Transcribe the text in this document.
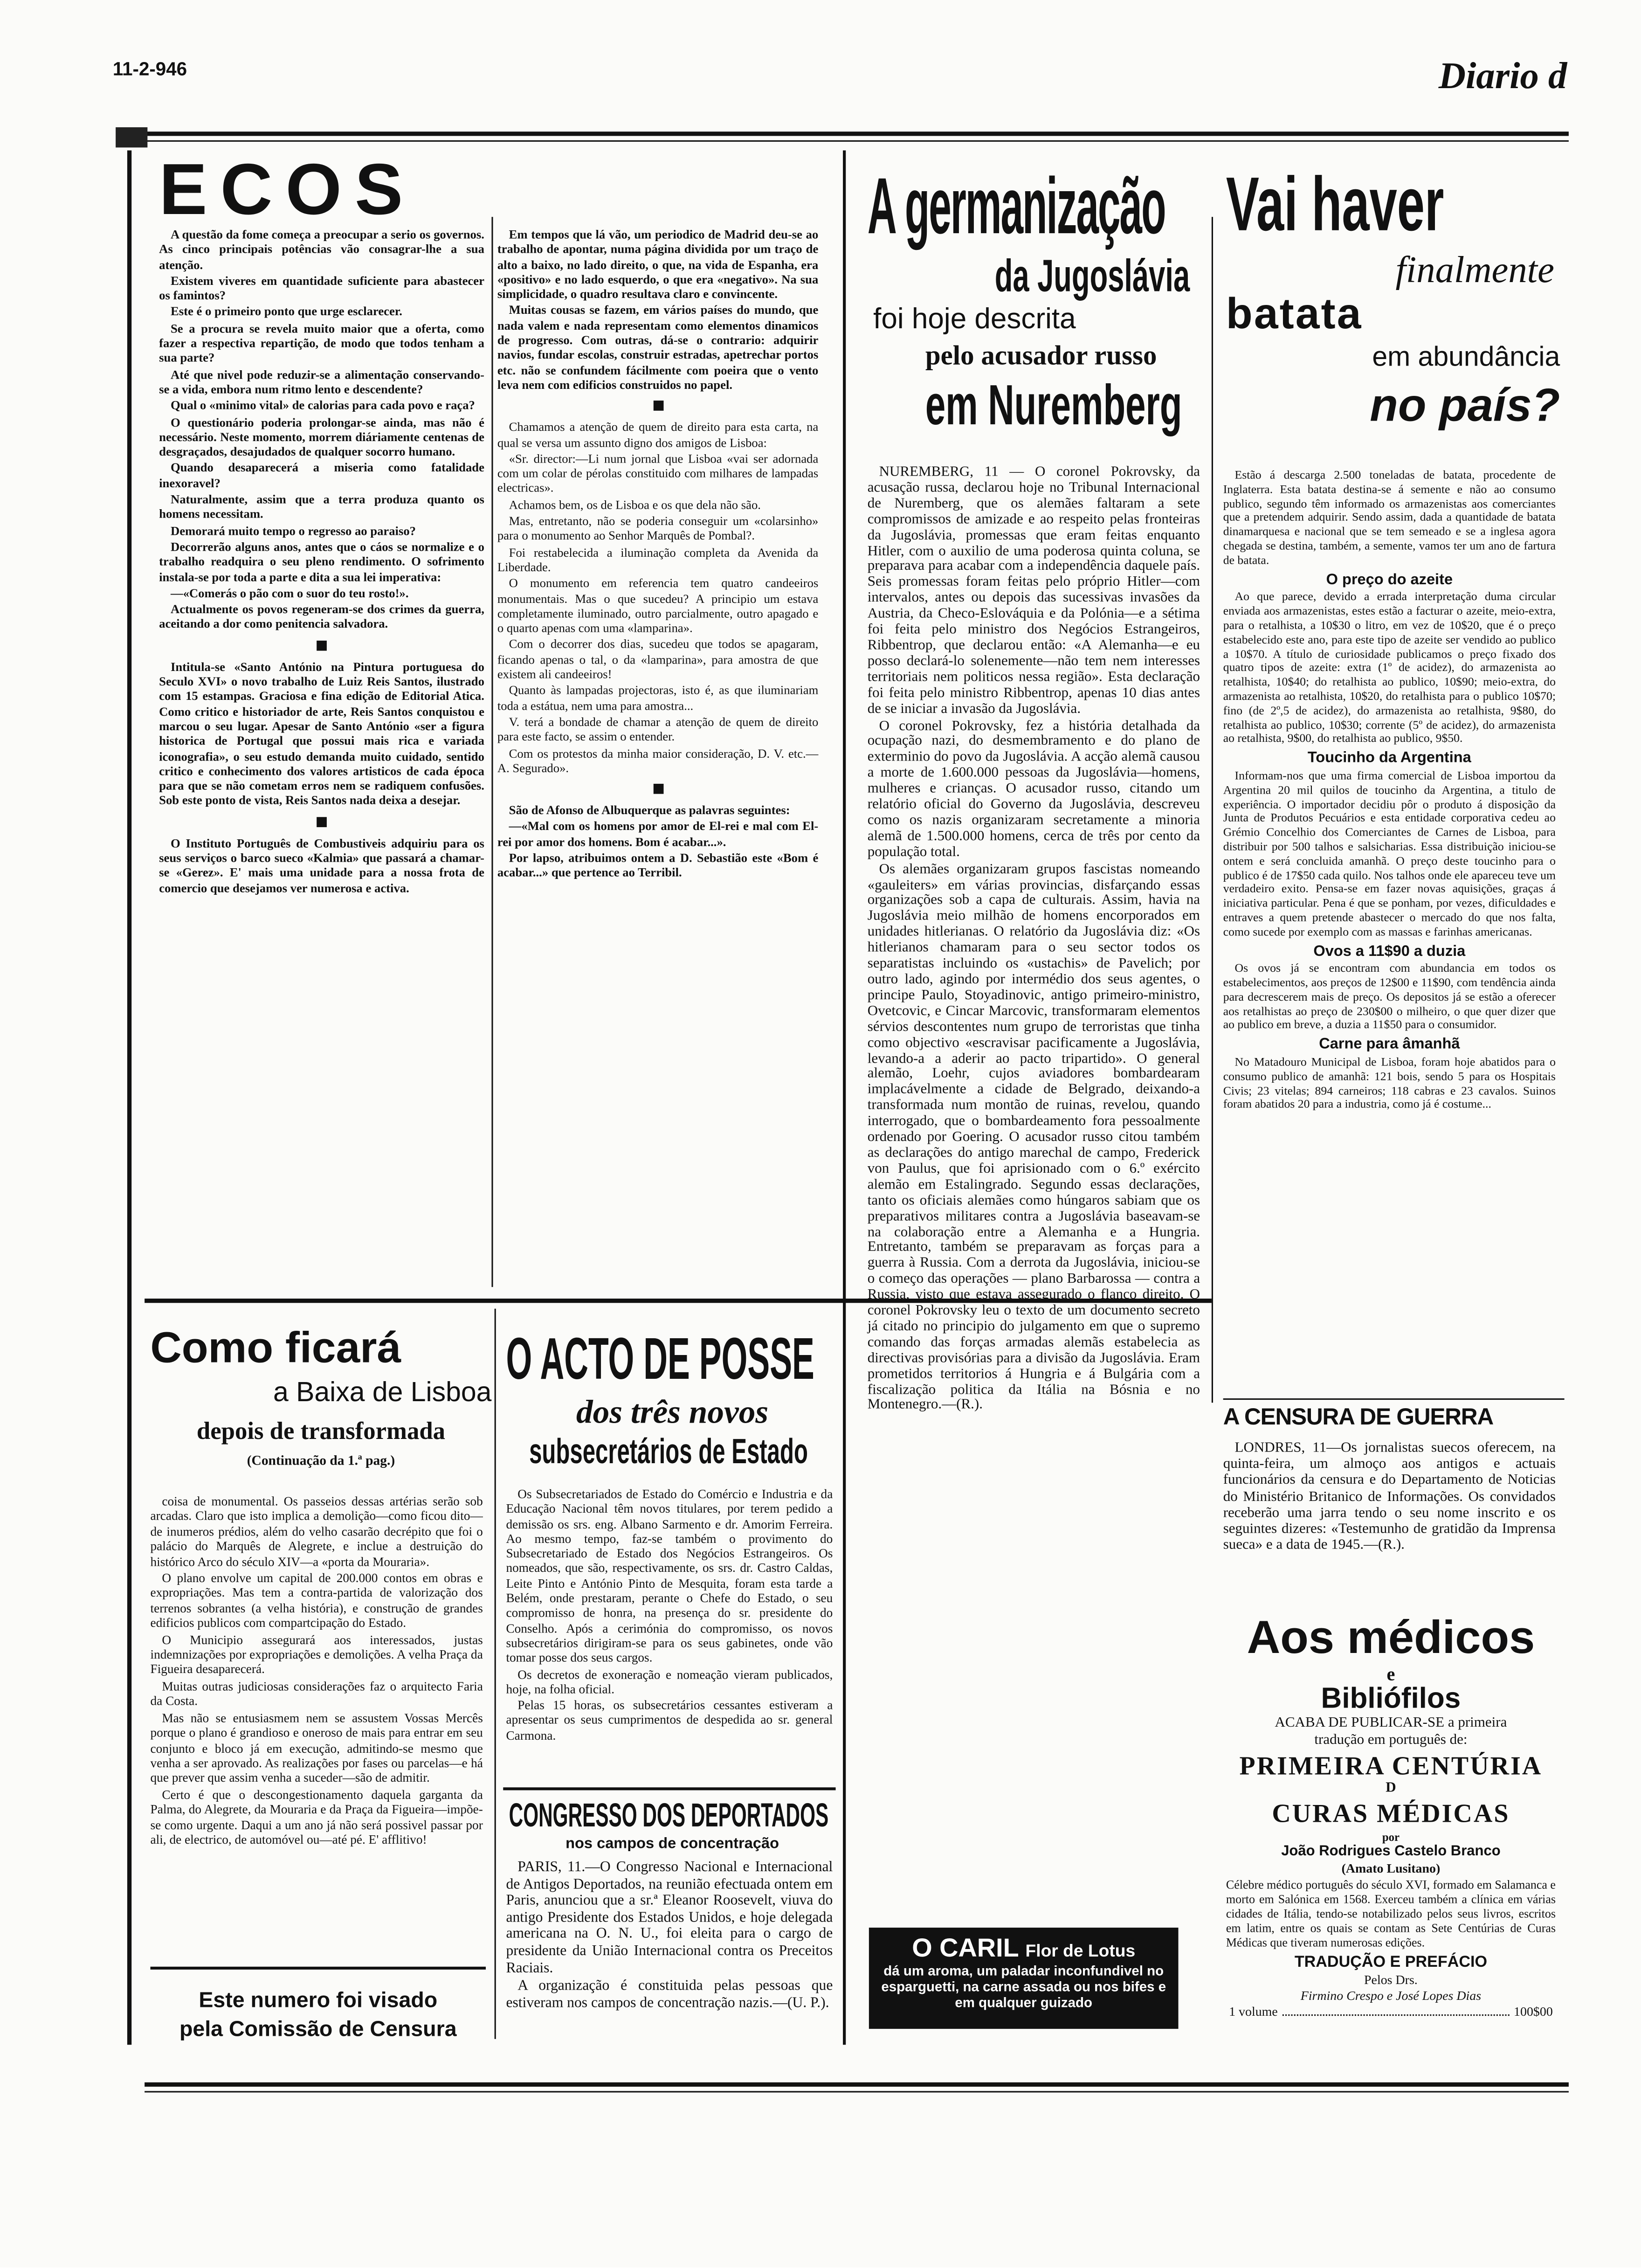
11-2-946	Diario d
ECOS

A questão da fome começa a preocupar a serio os governos. As cinco principais potências vão consagrar-lhe a sua atenção.

Existem viveres em quantidade suficiente para abastecer os famintos?

Este é o primeiro ponto que urge esclarecer.

Se a procura se revela muito maior que a oferta, como fazer a respectiva repartição, de modo que todos tenham a sua parte?

Até que nivel pode reduzir-se a alimentação conservando-se a vida, embora num ritmo lento e descendente?

Qual o «minimo vital» de calorias para cada povo e raça?

O questionário poderia prolongar-se ainda, mas não é necessário. Neste momento, morrem diáriamente centenas de desgraçados, desajudados de qualquer socorro humano.

Quando desaparecerá a miseria como fatalidade inexoravel?

Naturalmente, assim que a terra produza quanto os homens necessitam.

Demorará muito tempo o regresso ao paraiso?

Decorrerão alguns anos, antes que o cáos se normalize e o trabalho readquira o seu pleno rendimento. O sofrimento instala-se por toda a parte e dita a sua lei imperativa:

—«Comerás o pão com o suor do teu rosto!».

Actualmente os povos regeneram-se dos crimes da guerra, aceitando a dor como penitencia salvadora.

Intitula-se «Santo António na Pintura portuguesa do Seculo XVI» o novo trabalho de Luiz Reis Santos, ilustrado com 15 estampas. Graciosa e fina edição de Editorial Atica. Como critico e historiador de arte, Reis Santos conquistou e marcou o seu lugar. Apesar de Santo António «ser a figura historica de Portugal que possui mais rica e variada iconografia», o seu estudo demanda muito cuidado, sentido critico e conhecimento dos valores artisticos de cada época para que se não cometam erros nem se radiquem confusões. Sob este ponto de vista, Reis Santos nada deixa a desejar.

O Instituto Português de Combustiveis adquiriu para os seus serviços o barco sueco «Kalmia» que passará a chamar-se «Gerez». E' mais uma unidade para a nossa frota de comercio que desejamos ver numerosa e activa.

Em tempos que lá vão, um periodico de Madrid deu-se ao trabalho de apontar, numa página dividida por um traço de alto a baixo, no lado direito, o que, na vida de Espanha, era «positivo» e no lado esquerdo, o que era «negativo». Na sua simplicidade, o quadro resultava claro e convincente.

Muitas cousas se fazem, em vários países do mundo, que nada valem e nada representam como elementos dinamicos de progresso. Com outras, dá-se o contrario: adquirir navios, fundar escolas, construir estradas, apetrechar portos etc. não se confundem fácilmente com poeira que o vento leva nem com edificios construidos no papel.

Chamamos a atenção de quem de direito para esta carta, na qual se versa um assunto digno dos amigos de Lisboa:

«Sr. director:—Li num jornal que Lisboa «vai ser adornada com um colar de pérolas constituido com milhares de lampadas electricas».

Achamos bem, os de Lisboa e os que dela não são.

Mas, entretanto, não se poderia conseguir um «colarsinho» para o monumento ao Senhor Marquês de Pombal?.

Foi restabelecida a iluminação completa da Avenida da Liberdade.

O monumento em referencia tem quatro candeeiros monumentais. Mas o que sucedeu? A principio um estava completamente iluminado, outro parcialmente, outro apagado e o quarto apenas com uma «lamparina».

Com o decorrer dos dias, sucedeu que todos se apagaram, ficando apenas o tal, o da «lamparina», para amostra de que existem ali candeeiros!

Quanto às lampadas projectoras, isto é, as que iluminariam toda a estátua, nem uma para amostra...

V. terá a bondade de chamar a atenção de quem de direito para este facto, se assim o entender.

Com os protestos da minha maior consideração, D. V. etc.—A. Segurado».

São de Afonso de Albuquerque as palavras seguintes:

—«Mal com os homens por amor de El-rei e mal com El-rei por amor dos homens. Bom é acabar...».

Por lapso, atribuimos ontem a D. Sebastião este «Bom é acabar...» que pertence ao Terribil.

A germanização
da Jugoslávia
foi hoje descrita
pelo acusador russo
em Nuremberg

NUREMBERG, 11 — O coronel Pokrovsky, da acusação russa, declarou hoje no Tribunal Internacional de Nuremberg, que os alemães faltaram a sete compromissos de amizade e ao respeito pelas fronteiras da Jugoslávia, promessas que eram feitas enquanto Hitler, com o auxilio de uma poderosa quinta coluna, se preparava para acabar com a independência daquele país. Seis promessas foram feitas pelo próprio Hitler—com intervalos, antes ou depois das sucessivas invasões da Austria, da Checo-Eslováquia e da Polónia—e a sétima foi feita pelo ministro dos Negócios Estrangeiros, Ribbentrop, que declarou então: «A Alemanha—e eu posso declará-lo solenemente—não tem nem interesses territoriais nem politicos nessa região». Esta declaração foi feita pelo ministro Ribbentrop, apenas 10 dias antes de se iniciar a invasão da Jugoslávia.

O coronel Pokrovsky, fez a história detalhada da ocupação nazi, do desmembramento e do plano de exterminio do povo da Jugoslávia. A acção alemã causou a morte de 1.600.000 pessoas da Jugoslávia—homens, mulheres e crianças. O acusador russo, citando um relatório oficial do Governo da Jugoslávia, descreveu como os nazis organizaram secretamente a minoria alemã de 1.500.000 homens, cerca de três por cento da população total.

Os alemães organizaram grupos fascistas nomeando «gauleiters» em várias provincias, disfarçando essas organizações sob a capa de culturais. Assim, havia na Jugoslávia meio milhão de homens encorporados em unidades hitlerianas. O relatório da Jugoslávia diz: «Os hitlerianos chamaram para o seu sector todos os separatistas incluindo os «ustachis» de Pavelich; por outro lado, agindo por intermédio dos seus agentes, o principe Paulo, Stoyadinovic, antigo primeiro-ministro, Ovetcovic, e Cincar Marcovic, transformaram elementos sérvios descontentes num grupo de terroristas que tinha como objectivo «escravisar pacificamente a Jugoslávia, levando-a a aderir ao pacto tripartido». O general alemão, Loehr, cujos aviadores bombardearam implacávelmente a cidade de Belgrado, deixando-a transformada num montão de ruinas, revelou, quando interrogado, que o bombardeamento fora pessoalmente ordenado por Goering. O acusador russo citou também as declarações do antigo marechal de campo, Frederick von Paulus, que foi aprisionado com o 6.º exército alemão em Estalingrado. Segundo essas declarações, tanto os oficiais alemães como húngaros sabiam que os preparativos militares contra a Jugoslávia baseavam-se na colaboração entre a Alemanha e a Hungria. Entretanto, também se preparavam as forças para a guerra à Russia. Com a derrota da Jugoslávia, iniciou-se o começo das operações — plano Barbarossa — contra a Russia, visto que estava assegurado o flanco direito. O coronel Pokrovsky leu o texto de um documento secreto já citado no principio do julgamento em que o supremo comando das forças armadas alemãs estabelecia as directivas provisórias para a divisão da Jugoslávia. Eram prometidos territorios á Hungria e á Bulgária com a fiscalização politica da Itália na Bósnia e no Montenegro.—(R.).

O CARIL Flor de Lotus
dá um aroma, um paladar inconfundivel no esparguetti, na carne assada ou nos bifes e em qualquer guizado
Vai haver
finalmente
batata
em abundância
no país?

Estão á descarga 2.500 toneladas de batata, procedente de Inglaterra. Esta batata destina-se á semente e não ao consumo publico, segundo têm informado os armazenistas aos comerciantes que a pretendem adquirir. Sendo assim, dada a quantidade de batata dinamarquesa e nacional que se tem semeado e se a inglesa agora chegada se destina, também, a semente, vamos ter um ano de fartura de batata.

O preço do azeite

Ao que parece, devido a errada interpretação duma circular enviada aos armazenistas, estes estão a facturar o azeite, meio-extra, para o retalhista, a 10$30 o litro, em vez de 10$20, que é o preço estabelecido este ano, para este tipo de azeite ser vendido ao publico a 10$70. A título de curiosidade publicamos o preço fixado dos quatro tipos de azeite: extra (1º de acidez), do armazenista ao retalhista, 10$40; do retalhista ao publico, 10$90; meio-extra, do armazenista ao retalhista, 10$20, do retalhista para o publico 10$70; fino (de 2º,5 de acidez), do armazenista ao retalhista, 9$80, do retalhista ao publico, 10$30; corrente (5º de acidez), do armazenista ao retalhista, 9$00, do retalhista ao publico, 9$50.

Toucinho da Argentina

Informam-nos que uma firma comercial de Lisboa importou da Argentina 20 mil quilos de toucinho da Argentina, a titulo de experiência. O importador decidiu pôr o produto á disposição da Junta de Produtos Pecuários e esta entidade corporativa cedeu ao Grémio Concelhio dos Comerciantes de Carnes de Lisboa, para distribuir por 500 talhos e salsicharias. Essa distribuição iniciou-se ontem e será concluida amanhã. O preço deste toucinho para o publico é de 17$50 cada quilo. Nos talhos onde ele apareceu teve um verdadeiro exito. Pensa-se em fazer novas aquisições, graças á iniciativa particular. Pena é que se ponham, por vezes, dificuldades e entraves a quem pretende abastecer o mercado do que nos falta, como sucede por exemplo com as massas e farinhas americanas.

Ovos a 11$90 a duzia

Os ovos já se encontram com abundancia em todos os estabelecimentos, aos preços de 12$00 e 11$90, com tendência ainda para decrescerem mais de preço. Os depositos já se estão a oferecer aos retalhistas ao preço de 230$00 o milheiro, o que quer dizer que ao publico em breve, a duzia a 11$50 para o consumidor.

Carne para âmanhã

No Matadouro Municipal de Lisboa, foram hoje abatidos para o consumo publico de amanhã: 121 bois, sendo 5 para os Hospitais Civis; 23 vitelas; 894 carneiros; 118 cabras e 23 cavalos. Suinos foram abatidos 20 para a industria, como já é costume...

A CENSURA DE GUERRA

LONDRES, 11—Os jornalistas suecos oferecem, na quinta-feira, um almoço aos antigos e actuais funcionários da censura e do Departamento de Noticias do Ministério Britanico de Informações. Os convidados receberão uma jarra tendo o seu nome inscrito e os seguintes dizeres: «Testemunho de gratidão da Imprensa sueca» e a data de 1945.—(R.).

Aos médicos
e
Bibliófilos
ACABA DE PUBLICAR-SE a primeira
tradução em português de:
PRIMEIRA CENTÚRIA
D
CURAS MÉDICAS
por
João Rodrigues Castelo Branco
(Amato Lusitano)

Célebre médico português do século XVI, formado em Salamanca e morto em Salónica em 1568. Exerceu também a clínica em várias cidades de Itália, tendo-se notabilizado pelos seus livros, escritos em latim, entre os quais se contam as Sete Centúrias de Curas Médicas que tiveram numerosas edições.

TRADUÇÃO E PREFÁCIO
Pelos Drs.
Firmino Crespo e José Lopes Dias
1 volume	100$00
Como ficará
a Baixa de Lisboa
depois de transformada
(Continuação da 1.ª pag.)

coisa de monumental. Os passeios dessas artérias serão sob arcadas. Claro que isto implica a demolição—como ficou dito—de inumeros prédios, além do velho casarão decrépito que foi o palácio do Marquês de Alegrete, e inclue a destruição do histórico Arco do século XIV—a «porta da Mouraria».

O plano envolve um capital de 200.000 contos em obras e expropriações. Mas tem a contra-partida de valorização dos terrenos sobrantes (a velha história), e construção de grandes edificios publicos com compartcipação do Estado.

O Municipio assegurará aos interessados, justas indemnizações por expropriações e demolições. A velha Praça da Figueira desaparecerá.

Muitas outras judiciosas considerações faz o arquitecto Faria da Costa.

Mas não se entusiasmem nem se assustem Vossas Mercês porque o plano é grandioso e oneroso de mais para entrar em seu conjunto e bloco já em execução, admitindo-se mesmo que venha a ser aprovado. As realizações por fases ou parcelas—e há que prever que assim venha a suceder—são de admitir.

Certo é que o descongestionamento daquela garganta da Palma, do Alegrete, da Mouraria e da Praça da Figueira—impõe-se como urgente. Daqui a um ano já não será possivel passar por ali, de electrico, de automóvel ou—até pé. E' afflitivo!

Este numero foi visado
pela Comissão de Censura
O ACTO DE POSSE
dos três novos
subsecretários de Estado

Os Subsecretariados de Estado do Comércio e Industria e da Educação Nacional têm novos titulares, por terem pedido a demissão os srs. eng. Albano Sarmento e dr. Amorim Ferreira. Ao mesmo tempo, faz-se também o provimento do Subsecretariado de Estado dos Negócios Estrangeiros. Os nomeados, que são, respectivamente, os srs. dr. Castro Caldas, Leite Pinto e António Pinto de Mesquita, foram esta tarde a Belém, onde prestaram, perante o Chefe do Estado, o seu compromisso de honra, na presença do sr. presidente do Conselho. Após a cerimónia do compromisso, os novos subsecretários dirigiram-se para os seus gabinetes, onde vão tomar posse dos seus cargos.

Os decretos de exoneração e nomeação vieram publicados, hoje, na folha oficial.

Pelas 15 horas, os subsecretários cessantes estiveram a apresentar os seus cumprimentos de despedida ao sr. general Carmona.

CONGRESSO DOS DEPORTADOS
nos campos de concentração

PARIS, 11.—O Congresso Nacional e Internacional de Antigos Deportados, na reunião efectuada ontem em Paris, anunciou que a sr.ª Eleanor Roosevelt, viuva do antigo Presidente dos Estados Unidos, e hoje delegada americana na O. N. U., foi eleita para o cargo de presidente da União Internacional contra os Preceitos Raciais.

A organização é constituida pelas pessoas que estiveram nos campos de concentração nazis.—(U. P.).
